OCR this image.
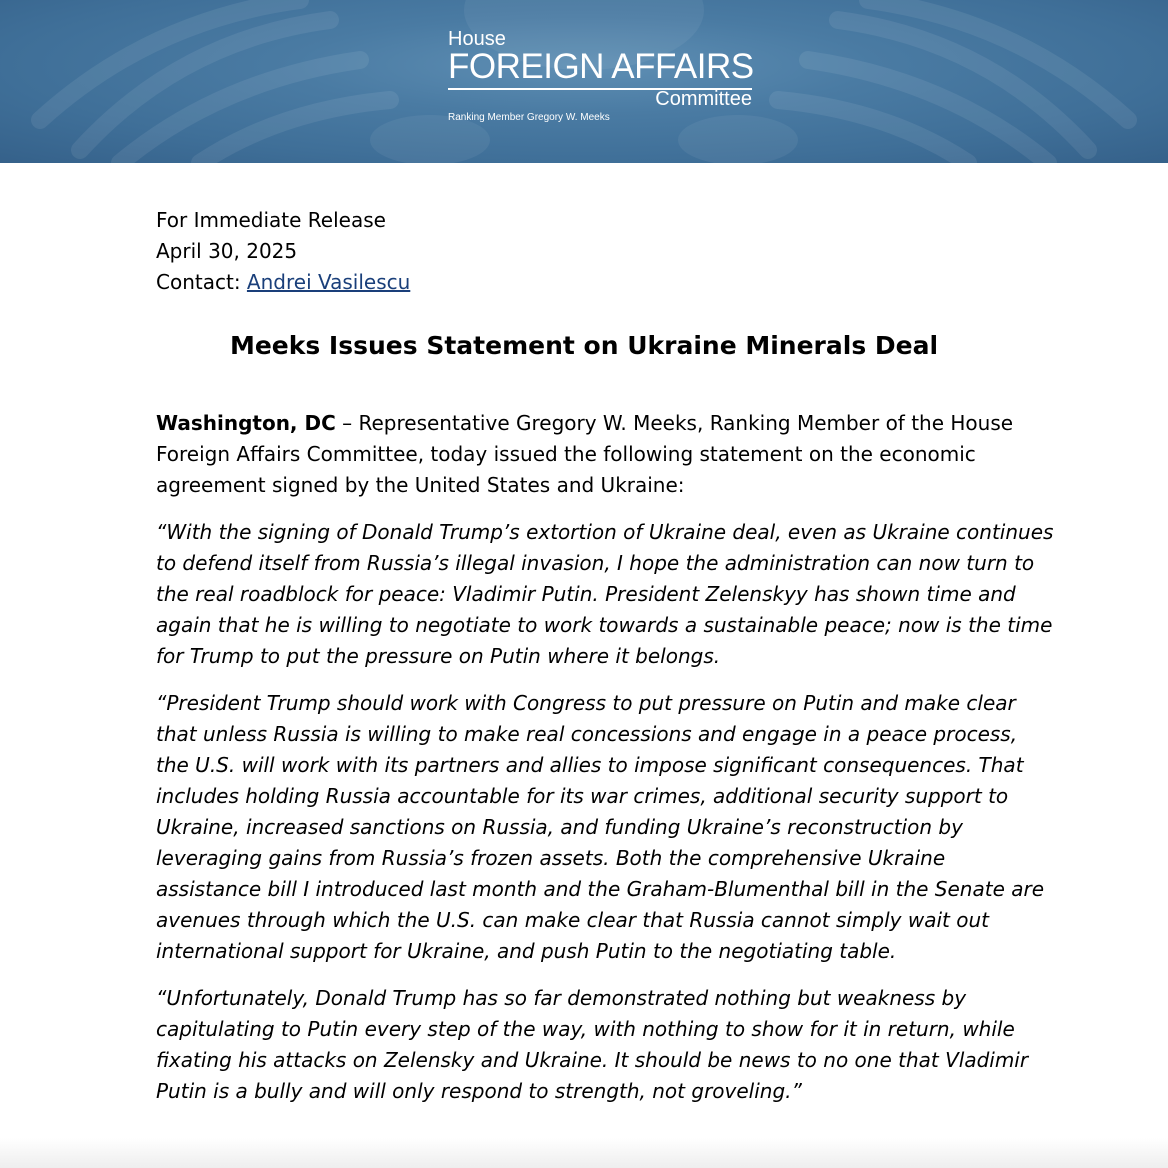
House
FOREIGN AFFAIRS
Committee
Ranking Member Gregory W. Meeks
For Immediate Release
April 30, 2025
Contact: Andrei Vasilescu
Meeks Issues Statement on Ukraine Minerals Deal

Washington, DC – Representative Gregory W. Meeks, Ranking Member of the House Foreign Affairs Committee, today issued the following statement on the economic agreement signed by the United States and Ukraine:

“With the signing of Donald Trump’s extortion of Ukraine deal, even as Ukraine continues to defend itself from Russia’s illegal invasion, I hope the administration can now turn to the real roadblock for peace: Vladimir Putin. President Zelenskyy has shown time and again that he is willing to negotiate to work towards a sustainable peace; now is the time for Trump to put the pressure on Putin where it belongs.

“President Trump should work with Congress to put pressure on Putin and make clear that unless Russia is willing to make real concessions and engage in a peace process, the U.S. will work with its partners and allies to impose significant consequences. That includes holding Russia accountable for its war crimes, additional security support to Ukraine, increased sanctions on Russia, and funding Ukraine’s reconstruction by leveraging gains from Russia’s frozen assets. Both the comprehensive Ukraine assistance bill I introduced last month and the Graham-Blumenthal bill in the Senate are avenues through which the U.S. can make clear that Russia cannot simply wait out international support for Ukraine, and push Putin to the negotiating table.

“Unfortunately, Donald Trump has so far demonstrated nothing but weakness by capitulating to Putin every step of the way, with nothing to show for it in return, while fixating his attacks on Zelensky and Ukraine. It should be news to no one that Vladimir Putin is a bully and will only respond to strength, not groveling.”
